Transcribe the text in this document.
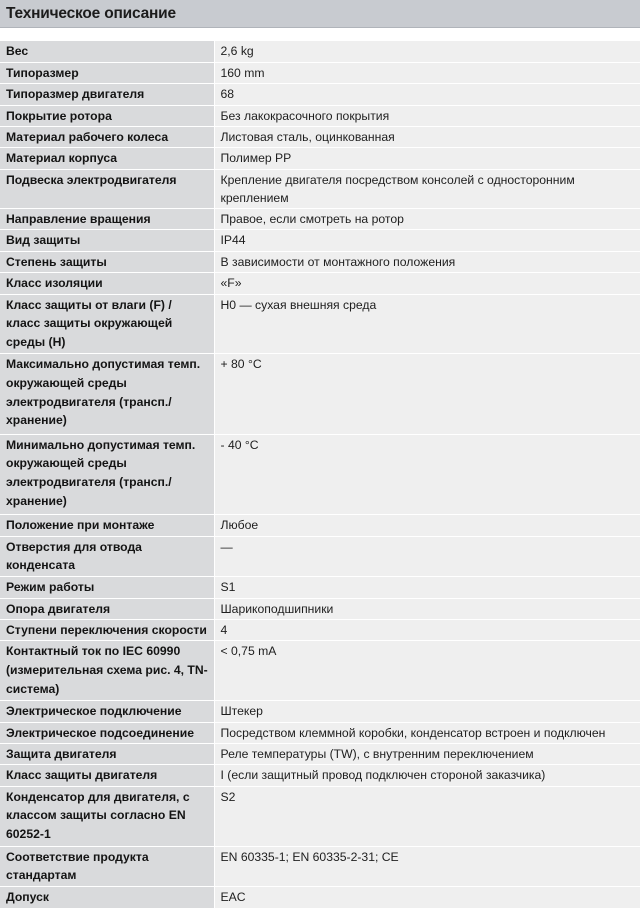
Техническое описание
Вес	2,6 kg
Типоразмер	160 mm
Типоразмер двигателя	68
Покрытие ротора	Без лакокрасочного покрытия
Материал рабочего колеса	Листовая сталь, оцинкованная
Материал корпуса	Полимер PP
Подвеска электродвигателя	Крепление двигателя посредством консолей с односторонним креплением
Направление вращения	Правое, если смотреть на ротор
Вид защиты	IP44
Степень защиты	В зависимости от монтажного положения
Класс изоляции	«F»
Класс защиты от влаги (F) / класс защиты окружающей среды (H)	H0 — сухая внешняя среда
Максимально допустимая темп. окружающей среды электродвигателя (трансп./хранение)	+ 80 °C
Минимально допустимая темп. окружающей среды электродвигателя (трансп./хранение)	- 40 °C
Положение при монтаже	Любое
Отверстия для отвода конденсата	—
Режим работы	S1
Опора двигателя	Шарикоподшипники
Ступени переключения скорости	4
Контактный ток по IEC 60990 (измерительная схема рис. 4, TN-система)	< 0,75 mA
Электрическое подключение	Штекер
Электрическое подсоединение	Посредством клеммной коробки, конденсатор встроен и подключен
Защита двигателя	Реле температуры (TW), с внутренним переключением
Класс защиты двигателя	I (если защитный провод подключен стороной заказчика)
Конденсатор для двигателя, с классом защиты согласно EN 60252-1	S2
Соответствие продукта стандартам	EN 60335-1; EN 60335-2-31; CE
Допуск	EAC
